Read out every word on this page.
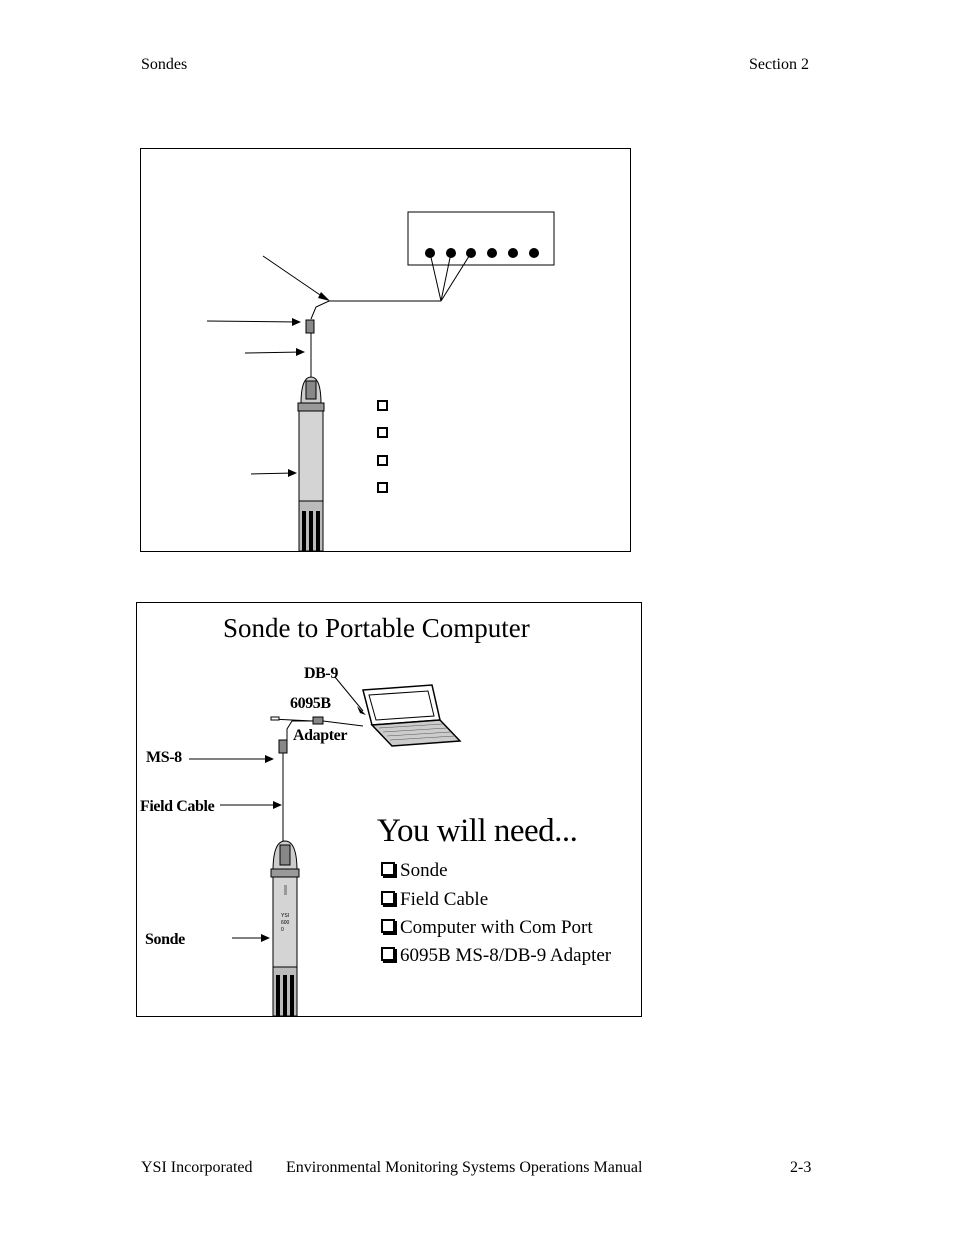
Sondes	Section 2
Sonde to Portable Computer
DB-9
6095B
Adapter
MS-8
Field Cable
Sonde
YSI
600
0
You will need...
Sonde
Field Cable
Computer with Com Port
6095B MS-8/DB-9 Adapter
YSI Incorporated Environmental Monitoring Systems Operations Manual	2-3
